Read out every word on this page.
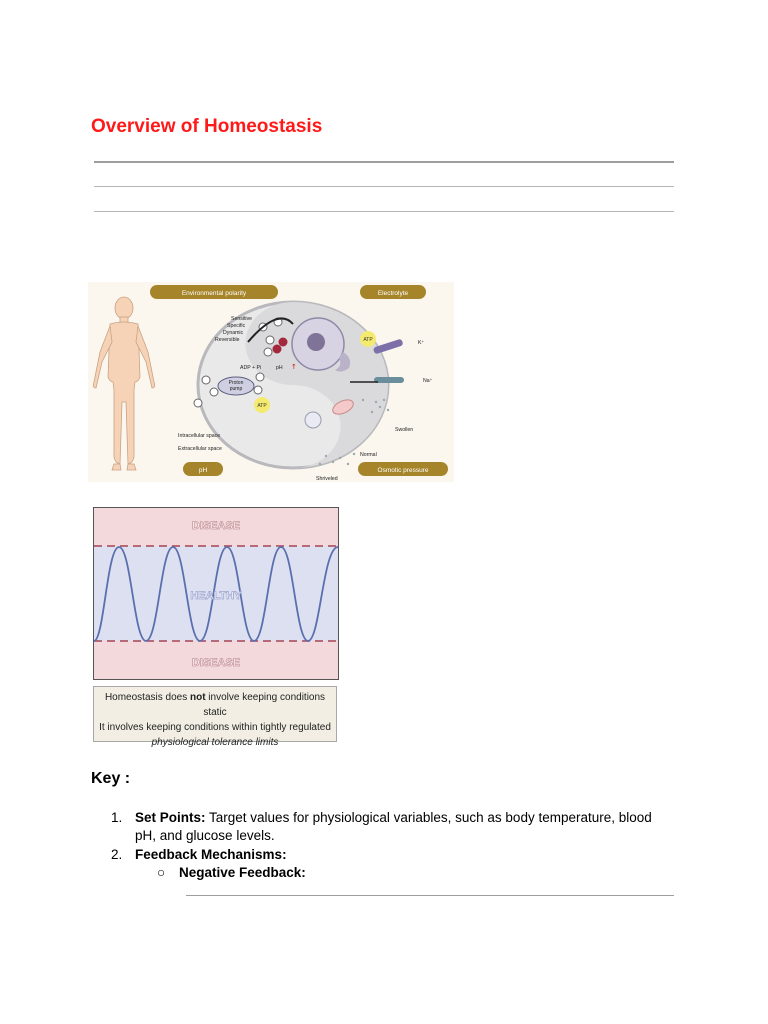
Overview of Homeostasis
Environmental polarity	Electrolyte
pH	Osmotic pressure
Sensitive
Specific
Dynamic
Reversible
ADP + Pi	pH
Intracellular space
Extracellular space
K⁺
Na⁺
Swollen
Normal
Shriveled
↑
Proton
pump
ATP
ATP
DISEASE
DISEASE
HEALTHY
Homeostasis does not involve keeping conditions static
It involves keeping conditions within tightly regulated
physiological tolerance limits
Key :
1. Set Points: Target values for physiological variables, such as body temperature, blood pH, and glucose levels.
2. Feedback Mechanisms:
○ Negative Feedback:
